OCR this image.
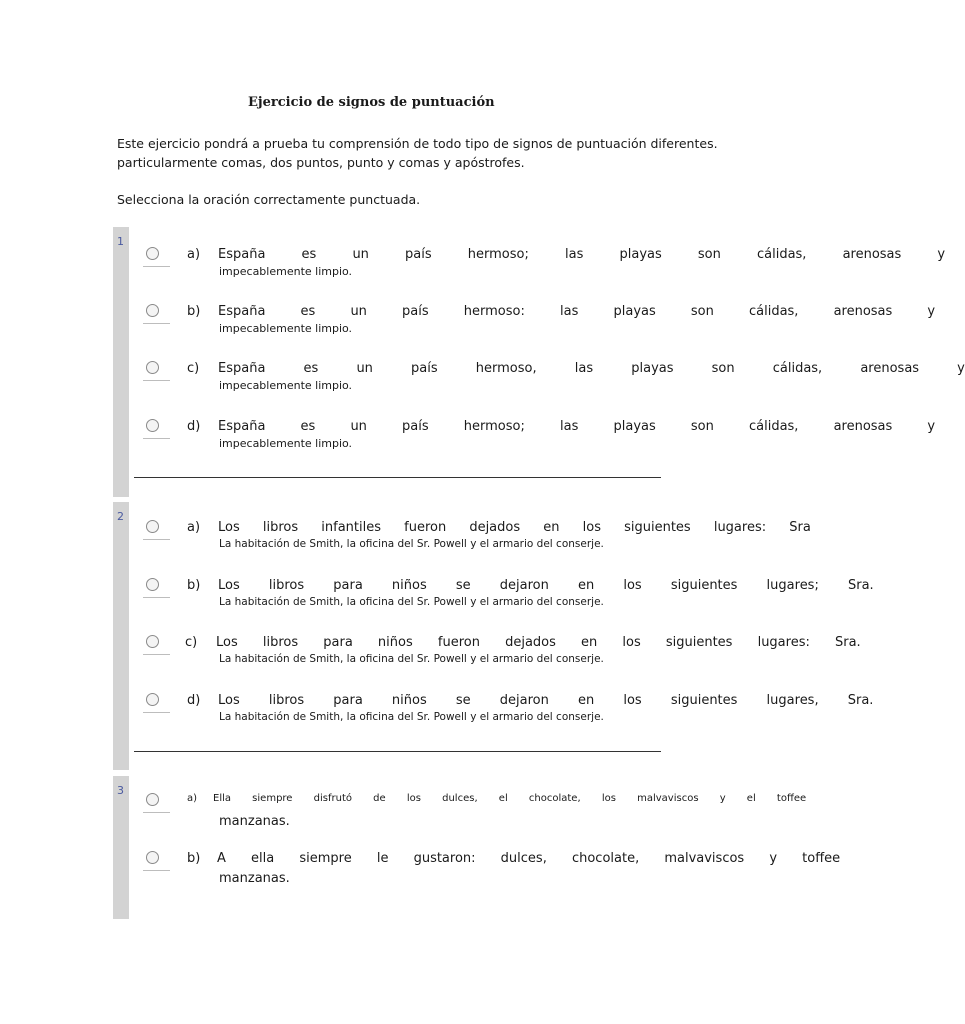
Ejercicio de signos de puntuación
Este ejercicio pondrá a prueba tu comprensión de todo tipo de signos de puntuación diferentes. particularmente comas, dos puntos, punto y comas y apóstrofes.
Selecciona la oración correctamente punctuada.
1
a) España es un país hermoso; las playas son cálidas, arenosas y
impecablemente limpio.
b) España es un país hermoso: las playas son cálidas, arenosas y
impecablemente limpio.
c) España es un país hermoso, las playas son cálidas, arenosas y
impecablemente limpio.
d) España es un país hermoso; las playas son cálidas, arenosas y
impecablemente limpio.
2
a) Los libros infantiles fueron dejados en los siguientes lugares: Sra
La habitación de Smith, la oficina del Sr. Powell y el armario del conserje.
b) Los libros para niños se dejaron en los siguientes lugares; Sra.
La habitación de Smith, la oficina del Sr. Powell y el armario del conserje.
c) Los libros para niños fueron dejados en los siguientes lugares: Sra.
La habitación de Smith, la oficina del Sr. Powell y el armario del conserje.
d) Los libros para niños se dejaron en los siguientes lugares, Sra.
La habitación de Smith, la oficina del Sr. Powell y el armario del conserje.
3
a) Ella siempre disfrutó de los dulces, el chocolate, los malvaviscos y el toffee
manzanas.
b) A ella siempre le gustaron: dulces, chocolate, malvaviscos y toffee
manzanas.
